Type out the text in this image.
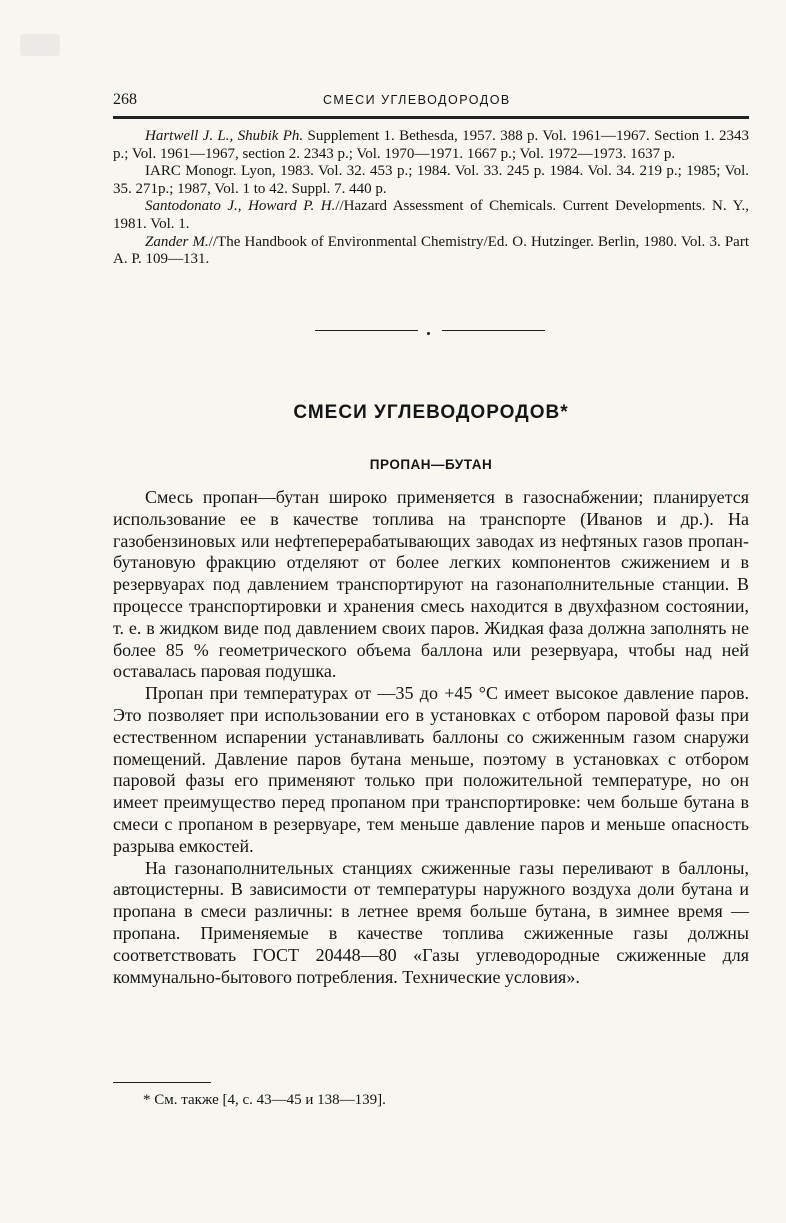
268	СМЕСИ УГЛЕВОДОРОДОВ

Hartwell J. L., Shubik Ph. Supplement 1. Bethesda, 1957. 388 p. Vol. 1961—1967. Section 1. 2343 p.; Vol. 1961—1967, section 2. 2343 p.; Vol. 1970—1971. 1667 p.; Vol. 1972—1973. 1637 p.

IARC Monogr. Lyon, 1983. Vol. 32. 453 p.; 1984. Vol. 33. 245 p. 1984. Vol. 34. 219 p.; 1985; Vol. 35. 271p.; 1987, Vol. 1 to 42. Suppl. 7. 440 p.

Santodonato J., Howard P. H.//Hazard Assessment of Chemicals. Current Developments. N. Y., 1981. Vol. 1.

Zander M.//The Handbook of Environmental Chemistry/Ed. O. Hutzinger. Berlin, 1980. Vol. 3. Part A. P. 109—131.

СМЕСИ УГЛЕВОДОРОДОВ*
ПРОПАН—БУТАН

Смесь пропан—бутан широко применяется в газоснабжении; планируется использование ее в качестве топлива на транспорте (Иванов и др.). На газобензиновых или нефтеперерабатывающих заводах из нефтяных газов пропан-бутановую фракцию отделяют от более легких компонентов сжижением и в резервуарах под давлением транспортируют на газонаполнительные станции. В процессе транспортировки и хранения смесь находится в двухфазном состоянии, т. е. в жидком виде под давлением своих паров. Жидкая фаза должна заполнять не более 85 % геометрического объема баллона или резервуара, чтобы над ней оставалась паровая подушка.

Пропан при температурах от —35 до +45 °C имеет высокое давление паров. Это позволяет при использовании его в установках с отбором паровой фазы при естественном испарении устанавливать баллоны со сжиженным газом снаружи помещений. Давление паров бутана меньше, поэтому в установках с отбором паровой фазы его применяют только при положительной температуре, но он имеет преимущество перед пропаном при транспортировке: чем больше бутана в смеси с пропаном в резервуаре, тем меньше давление паров и меньше опасность разрыва емкостей.

На газонаполнительных станциях сжиженные газы переливают в баллоны, автоцистерны. В зависимости от температуры наружного воздуха доли бутана и пропана в смеси различны: в летнее время больше бутана, в зимнее время — пропана. Применяемые в качестве топлива сжиженные газы должны соответствовать ГОСТ 20448—80 «Газы углеводородные сжиженные для коммунально-бытового потребления. Технические условия».

* См. также [4, с. 43—45 и 138—139].
